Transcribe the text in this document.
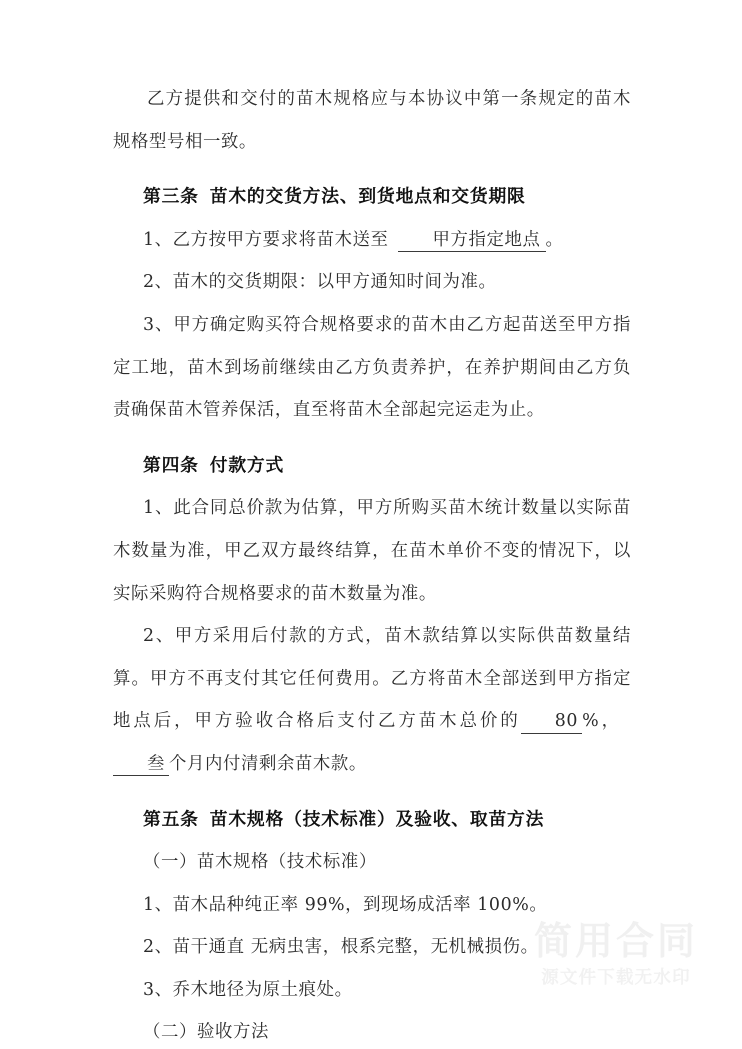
乙方提供和交付的苗木规格应与本协议中第一条规定的苗木规格型号相一致。

第三条 苗木的交货方法、到货地点和交货期限

1、乙方按甲方要求将苗木送至	甲方指定地点 。

2、苗木的交货期限：以甲方通知时间为准。

3、甲方确定购买符合规格要求的苗木由乙方起苗送至甲方指定工地，苗木到场前继续由乙方负责养护，在养护期间由乙方负责确保苗木管养保活，直至将苗木全部起完运走为止。

第四条 付款方式

1、此合同总价款为估算，甲方所购买苗木统计数量以实际苗木数量为准，甲乙双方最终结算，在苗木单价不变的情况下，以实际采购符合规格要求的苗木数量为准。

2、甲方采用后付款的方式，苗木款结算以实际供苗数量结算。甲方不再支付其它任何费用。乙方将苗木全部送到甲方指定地点后，甲方验收合格后支付乙方苗木总价的 80 %，叁 个月内付清剩余苗木款。

第五条 苗木规格（技术标准）及验收、取苗方法

（一）苗木规格（技术标准）

1、苗木品种纯正率 99%，到现场成活率 100%。

2、苗干通直 无病虫害，根系完整，无机械损伤。

3、乔木地径为原土痕处。

（二）验收方法

简用合同
源文件下载无水印
